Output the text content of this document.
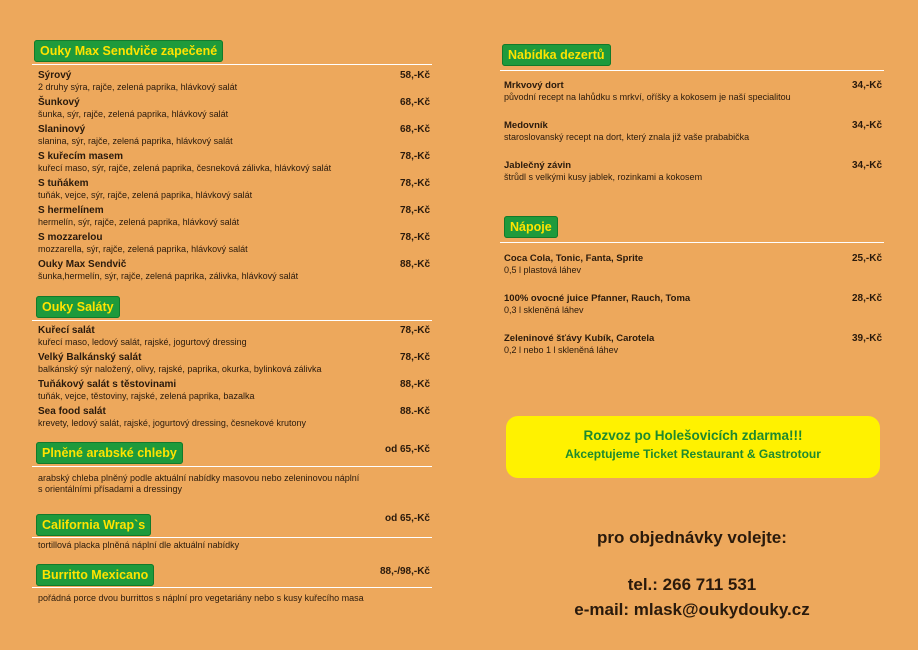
Ouky Max Sendviče zapečené
Sýrový	58,-Kč
2 druhy sýra, rajče, zelená paprika, hlávkový salát
Šunkový	68,-Kč
šunka, sýr, rajče, zelená paprika, hlávkový salát
Slaninový	68,-Kč
slanina, sýr, rajče, zelená paprika, hlávkový salát
S kuřecím masem	78,-Kč
kuřecí maso, sýr, rajče, zelená paprika, česneková zálivka, hlávkový salát
S tuňákem	78,-Kč
tuňák, vejce, sýr, rajče, zelená paprika, hlávkový salát
S hermelínem	78,-Kč
hermelín, sýr, rajče, zelená paprika, hlávkový salát
S mozzarelou	78,-Kč
mozzarella, sýr, rajče, zelená paprika, hlávkový salát
Ouky Max Sendvič	88,-Kč
šunka,hermelín, sýr, rajče, zelená paprika, zálivka, hlávkový salát
Ouky Saláty
Kuřecí salát	78,-Kč
kuřecí maso, ledový salát, rajské, jogurtový dressing
Velký Balkánský salát	78,-Kč
balkánský sýr naložený, olivy, rajské, paprika, okurka, bylinková zálivka
Tuňákový salát s těstovinami	88,-Kč
tuňák, vejce, těstoviny, rajské, zelená paprika, bazalka
Sea food salát	88.-Kč
krevety, ledový salát, rajské, jogurtový dressing, česnekové krutony
Plněné arabské chleby	od 65,-Kč
arabský chleba plněný podle aktuální nabídky masovou nebo zeleninovou náplní
s orientálními přísadami a dressingy
California Wrap`s	od 65,-Kč
tortillová placka plněná náplní dle aktuální nabídky
Burritto Mexicano	88,-/98,-Kč
pořádná porce dvou burrittos s náplní pro vegetariány nebo s kusy kuřecího masa
Nabídka dezertů
Mrkvový dort	34,-Kč
původní recept na lahůdku s mrkví, oříšky a kokosem je naší specialitou
Medovník	34,-Kč
staroslovanský recept na dort, který znala již vaše prababička
Jablečný závin	34,-Kč
štrůdl s velkými kusy jablek, rozinkami a kokosem
Nápoje
Coca Cola, Tonic, Fanta, Sprite	25,-Kč
0,5 l plastová láhev
100% ovocné juice Pfanner, Rauch, Toma	28,-Kč
0,3 l skleněná láhev
Zeleninové šťávy Kubík, Carotela	39,-Kč
0,2 l nebo 1 l skleněná láhev
Rozvoz po Holešovicích zdarma!!!
Akceptujeme Ticket Restaurant & Gastrotour
pro objednávky volejte:
tel.: 266 711 531
e-mail: mlask@oukydouky.cz
